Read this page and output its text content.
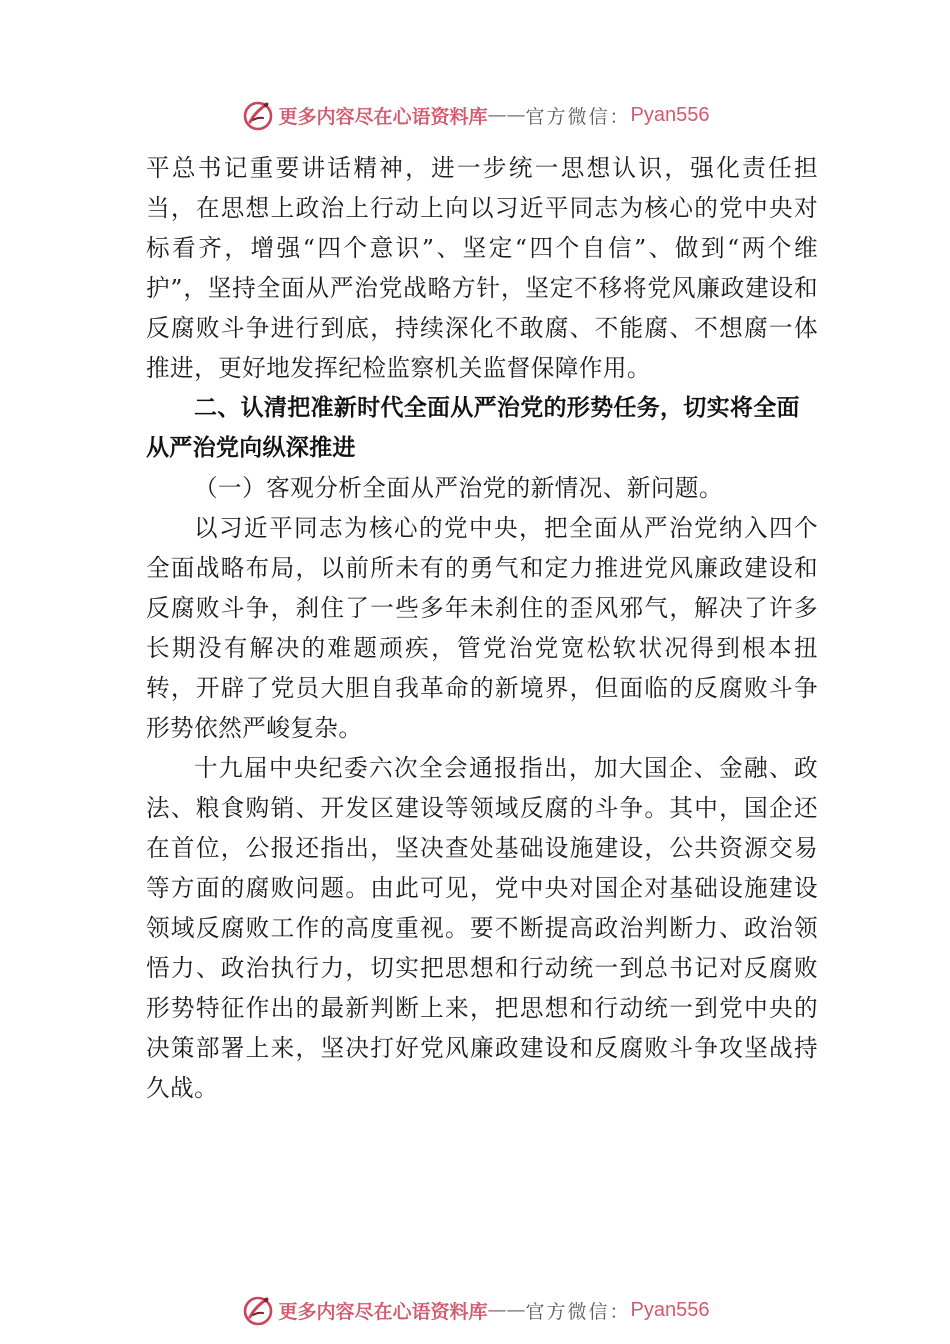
更多内容尽在心语资料库 —— 官方微信： Pyan556

平总书记重要讲话精神，进一步统一思想认识，强化责任担当，在思想上政治上行动上向以习近平同志为核心的党中央对标看齐，增强“四个意识”、坚定“四个自信”、做到“两个维护”，坚持全面从严治党战略方针，坚定不移将党风廉政建设和反腐败斗争进行到底，持续深化不敢腐、不能腐、不想腐一体推进，更好地发挥纪检监察机关监督保障作用。

二、认清把准新时代全面从严治党的形势任务，切实将全面从严治党向纵深推进

（一）客观分析全面从严治党的新情况、新问题。

以习近平同志为核心的党中央，把全面从严治党纳入四个全面战略布局，以前所未有的勇气和定力推进党风廉政建设和反腐败斗争，刹住了一些多年未刹住的歪风邪气，解决了许多长期没有解决的难题顽疾，管党治党宽松软状况得到根本扭转，开辟了党员大胆自我革命的新境界，但面临的反腐败斗争形势依然严峻复杂。

十九届中央纪委六次全会通报指出，加大国企、金融、政法、粮食购销、开发区建设等领域反腐的斗争。其中，国企还在首位，公报还指出，坚决查处基础设施建设，公共资源交易等方面的腐败问题。由此可见，党中央对国企对基础设施建设领域反腐败工作的高度重视。要不断提高政治判断力、政治领悟力、政治执行力，切实把思想和行动统一到总书记对反腐败形势特征作出的最新判断上来，把思想和行动统一到党中央的决策部署上来，坚决打好党风廉政建设和反腐败斗争攻坚战持久战。

更多内容尽在心语资料库 —— 官方微信： Pyan556
